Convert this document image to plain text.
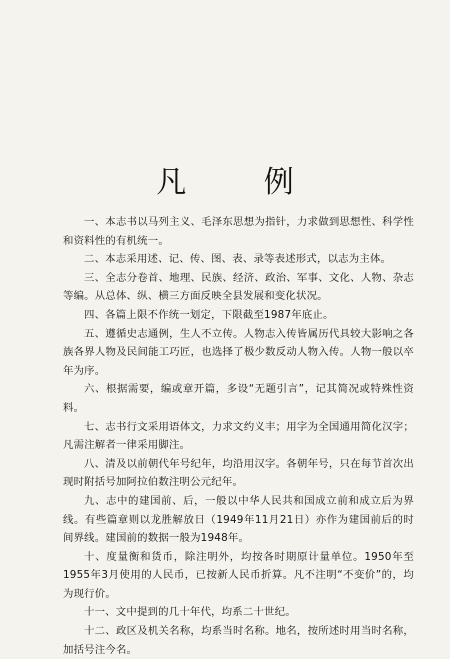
凡 例

一、本志书以马列主义、毛泽东思想为指针，力求做到思想性、科学性和资料性的有机统一。

二、本志采用述、记、传、图、表、录等表述形式，以志为主体。

三、全志分卷首、地理、民族、经济、政治、军事、文化、人物、杂志等编。从总体、纵、横三方面反映全县发展和变化状况。

四、各篇上限不作统一划定，下限截至1987年底止。

五、遵循史志通例，生人不立传。人物志入传皆属历代具较大影响之各族各界人物及民间能工巧匠，也选择了极少数反动人物入传。人物一般以卒年为序。

六、根据需要，编或章开篇，多设“无题引言”，记其简况或特殊性资料。

七、志书行文采用语体文，力求文约义丰；用字为全国通用简化汉字；凡需注解者一律采用脚注。

八、清及以前朝代年号纪年，均沿用汉字。各朝年号，只在每节首次出现时附括号加阿拉伯数注明公元纪年。

九、志中的建国前、后，一般以中华人民共和国成立前和成立后为界线。有些篇章则以龙胜解放日（1949年11月21日）亦作为建国前后的时间界线。建国前的数据一般为1948年。

十、度量衡和货币，除注明外，均按各时期原计量单位。1950年至1955年3月使用的人民币，已按新人民币折算。凡不注明“不变价”的，均为现行价。

十一、文中提到的几十年代，均系二十世纪。

十二、政区及机关名称，均系当时名称。地名，按所述时用当时名称，加括号注今名。
